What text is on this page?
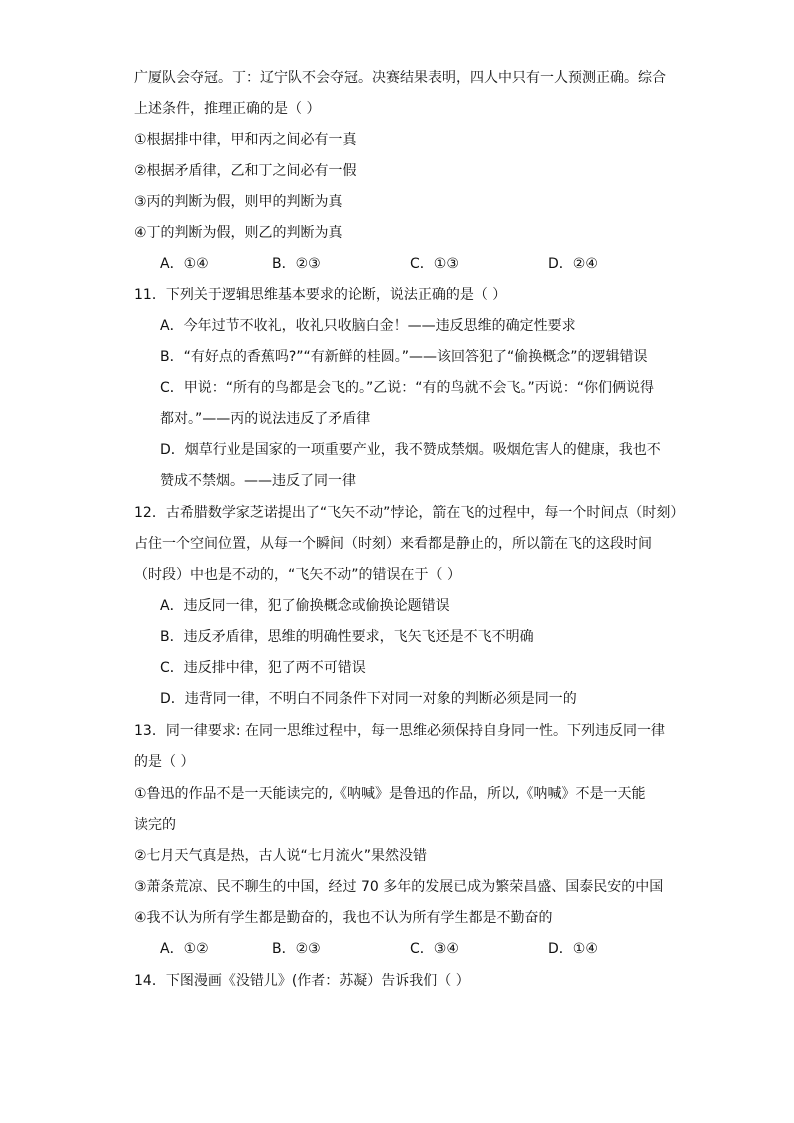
广厦队会夺冠。丁：辽宁队不会夺冠。决赛结果表明，四人中只有一人预测正确。综合
上述条件，推理正确的是（ ）
①根据排中律，甲和丙之间必有一真
②根据矛盾律，乙和丁之间必有一假
③丙的判断为假，则甲的判断为真
④丁的判断为假，则乙的判断为真
A．①④	B．②③	C．①③	D．②④
11．下列关于逻辑思维基本要求的论断，说法正确的是（ ）
A．今年过节不收礼，收礼只收脑白金！——违反思维的确定性要求
B．“有好点的香蕉吗?”“有新鲜的桂圆。”——该回答犯了“偷换概念”的逻辑错误
C．甲说：“所有的鸟都是会飞的。”乙说：“有的鸟就不会飞。”丙说：“你们俩说得
都对。”——丙的说法违反了矛盾律
D．烟草行业是国家的一项重要产业，我不赞成禁烟。吸烟危害人的健康，我也不
赞成不禁烟。——违反了同一律
12．古希腊数学家芝诺提出了“飞矢不动”悖论，箭在飞的过程中，每一个时间点（时刻）
占住一个空间位置，从每一个瞬间（时刻）来看都是静止的，所以箭在飞的这段时间
（时段）中也是不动的，“飞矢不动”的错误在于（ ）
A．违反同一律，犯了偷换概念或偷换论题错误
B．违反矛盾律，思维的明确性要求，飞矢飞还是不飞不明确
C．违反排中律，犯了两不可错误
D．违背同一律，不明白不同条件下对同一对象的判断必须是同一的
13．同一律要求: 在同一思维过程中，每一思维必须保持自身同一性。下列违反同一律
的是（ ）
①鲁迅的作品不是一天能读完的,《呐喊》是鲁迅的作品，所以,《呐喊》不是一天能
读完的
②七月天气真是热，古人说“七月流火”果然没错
③萧条荒凉、民不聊生的中国，经过 70 多年的发展已成为繁荣昌盛、国泰民安的中国
④我不认为所有学生都是勤奋的，我也不认为所有学生都是不勤奋的
A．①②	B．②③	C．③④	D．①④
14．下图漫画《没错儿》(作者：苏凝）告诉我们（ ）
